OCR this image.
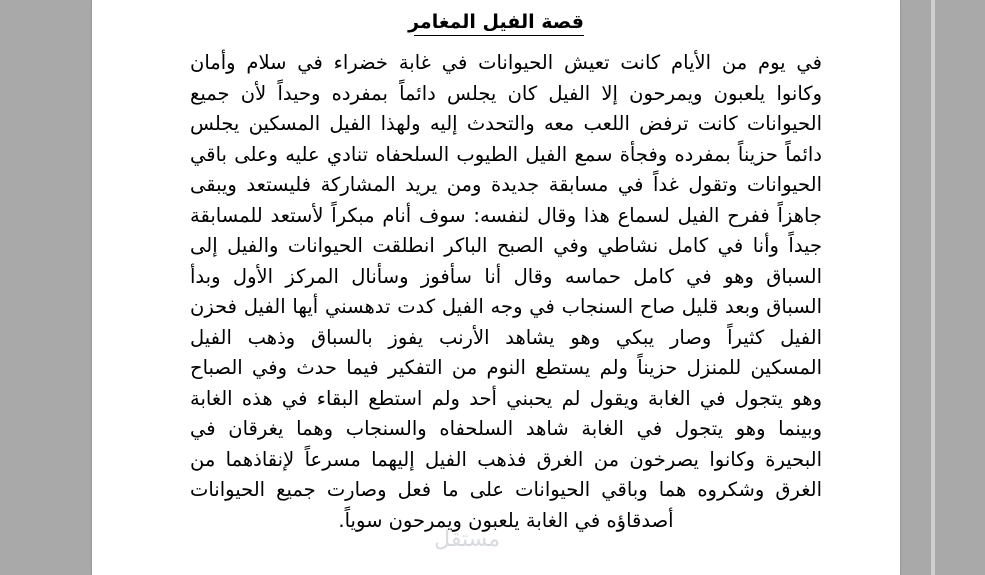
قصة الفيل المغامر
في يوم من الأيام كانت تعيش الحيوانات في غابة خضراء في سلام وأمان
وكانوا يلعبون ويمرحون إلا الفيل كان يجلس دائماً بمفرده وحيداً لأن جميع
الحيوانات كانت ترفض اللعب معه والتحدث إليه ولهذا الفيل المسكين يجلس
دائماً حزيناً بمفرده وفجأة سمع الفيل الطيوب السلحفاه تنادي عليه وعلى باقي
الحيوانات وتقول غداً في مسابقة جديدة ومن يريد المشاركة فليستعد ويبقى
جاهزاً ففرح الفيل لسماع هذا وقال لنفسه: سوف أنام مبكراً لأستعد للمسابقة
جيداً وأنا في كامل نشاطي وفي الصبح الباكر انطلقت الحيوانات والفيل إلى
السباق وهو في كامل حماسه وقال أنا سأفوز وسأنال المركز الأول وبدأ
السباق وبعد قليل صاح السنجاب في وجه الفيل كدت تدهسني أيها الفيل فحزن
الفيل كثيراً وصار يبكي وهو يشاهد الأرنب يفوز بالسباق وذهب الفيل
المسكين للمنزل حزيناً ولم يستطع النوم من التفكير فيما حدث وفي الصباح
وهو يتجول في الغابة ويقول لم يحبني أحد ولم استطع البقاء في هذه الغابة
وبينما وهو يتجول في الغابة شاهد السلحفاه والسنجاب وهما يغرقان في
البحيرة وكانوا يصرخون من الغرق فذهب الفيل إليهما مسرعاً لإنقاذهما من
الغرق وشكروه هما وباقي الحيوانات على ما فعل وصارت جميع الحيوانات
أصدقاؤه في الغابة يلعبون ويمرحون سوياً.
مستقل
